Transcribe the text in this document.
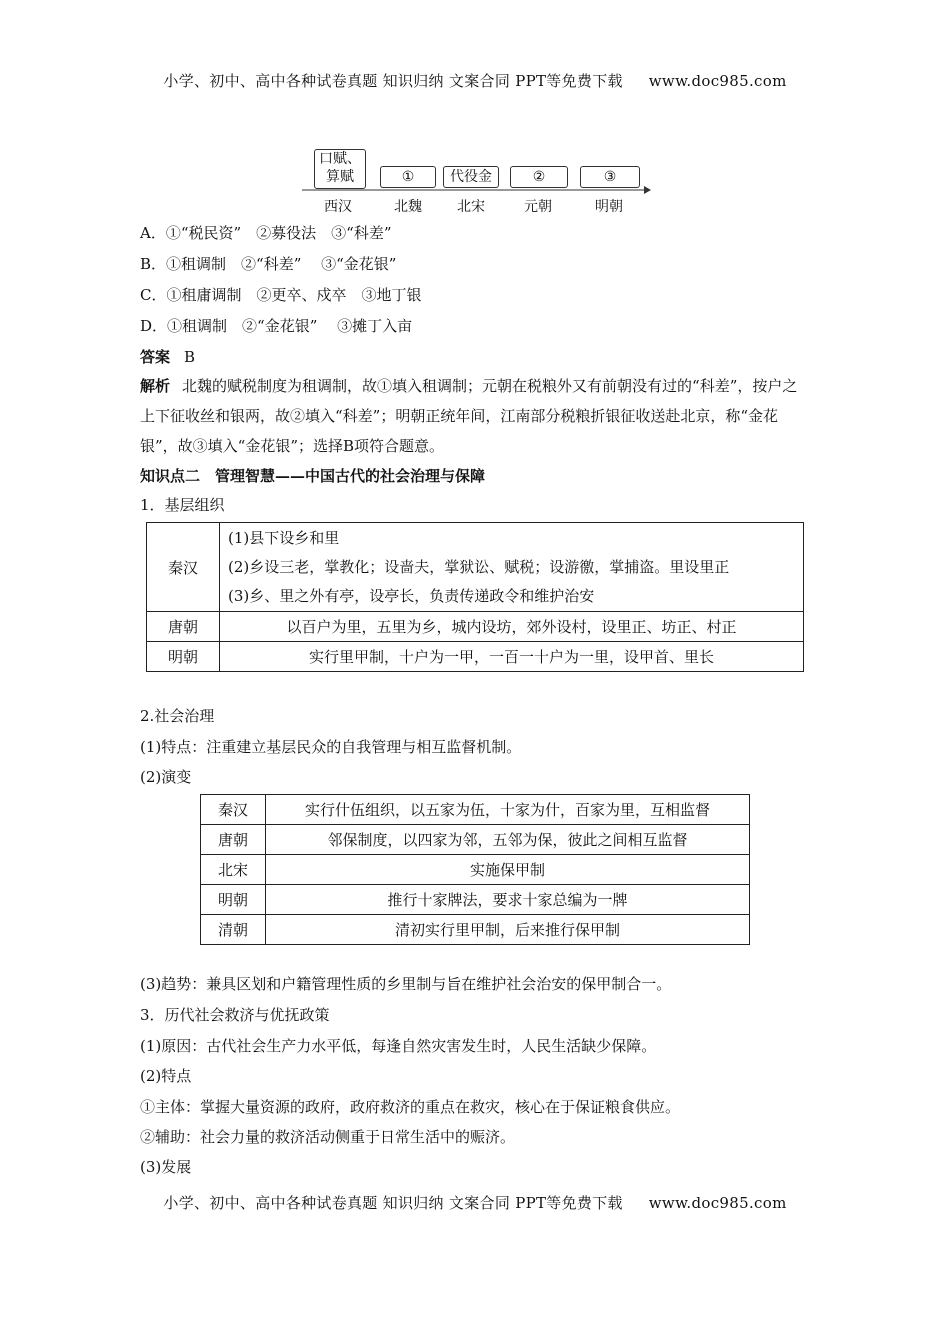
小学、初中、高中各种试卷真题 知识归纳 文案合同 PPT等免费下载 www.doc985.com
口赋、
算赋	①	代役金	②	③
西汉	北魏	北宋	元朝	明朝
A．①“税民资”　②募役法　③“科差”
B．①租调制　②“科差”　 ③“金花银”
C．①租庸调制　②更卒、戍卒　③地丁银
D．①租调制　②“金花银”　 ③摊丁入亩
答案 B
解析 北魏的赋税制度为租调制，故①填入租调制；元朝在税粮外又有前朝没有过的“科差”，按户之上下征收丝和银两，故②填入“科差”；明朝正统年间，江南部分税粮折银征收送赴北京，称“金花银”，故③填入“金花银”；选择B项符合题意。
知识点二　管理智慧——中国古代的社会治理与保障
1．基层组织
秦汉	(1)县下设乡和里
(2)乡设三老，掌教化；设啬夫，掌狱讼、赋税；设游徼，掌捕盗。里设里正
(3)乡、里之外有亭，设亭长，负责传递政令和维护治安

唐朝	以百户为里，五里为乡，城内设坊，郊外设村，设里正、坊正、村正
明朝	实行里甲制，十户为一甲，一百一十户为一里，设甲首、里长
2.社会治理
(1)特点：注重建立基层民众的自我管理与相互监督机制。
(2)演变
秦汉	实行什伍组织，以五家为伍，十家为什，百家为里，互相监督
唐朝	邻保制度，以四家为邻，五邻为保，彼此之间相互监督
北宋	实施保甲制
明朝	推行十家牌法，要求十家总编为一牌
清朝	清初实行里甲制，后来推行保甲制
(3)趋势：兼具区划和户籍管理性质的乡里制与旨在维护社会治安的保甲制合一。
3．历代社会救济与优抚政策
(1)原因：古代社会生产力水平低，每逢自然灾害发生时，人民生活缺少保障。
(2)特点
①主体：掌握大量资源的政府，政府救济的重点在救灾，核心在于保证粮食供应。
②辅助：社会力量的救济活动侧重于日常生活中的赈济。
(3)发展
小学、初中、高中各种试卷真题 知识归纳 文案合同 PPT等免费下载 www.doc985.com
